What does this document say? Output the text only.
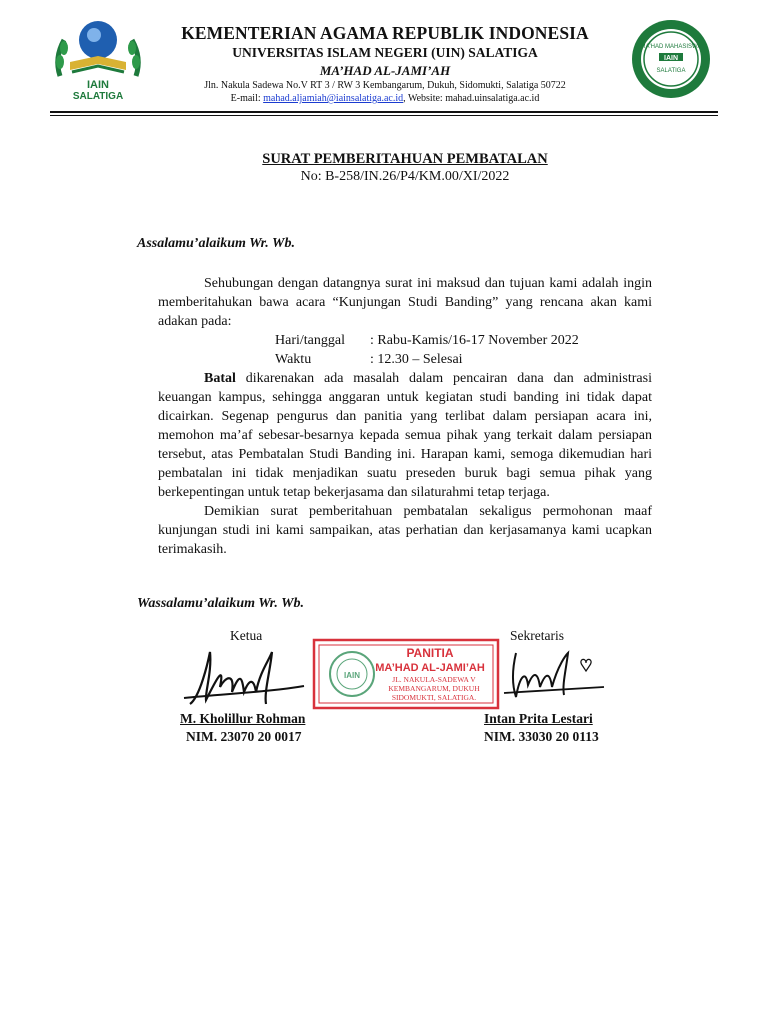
IAIN
SALATIGA
MA'HAD MAHASISWA
IAIN
SALATIGA
KEMENTERIAN AGAMA REPUBLIK INDONESIA
UNIVERSITAS ISLAM NEGERI (UIN) SALATIGA
MA’HAD AL-JAMI’AH
Jln. Nakula Sadewa No.V RT 3 / RW 3 Kembangarum, Dukuh, Sidomukti, Salatiga 50722
E-mail: mahad.aljamiah@iainsalatiga.ac.id, Website: mahad.uinsalatiga.ac.id
SURAT PEMBERITAHUAN PEMBATALAN
No: B-258/IN.26/P4/KM.00/XI/2022
Assalamu’alaikum Wr. Wb.

Sehubungan dengan datangnya surat ini maksud dan tujuan kami adalah ingin memberitahukan bawa acara “Kunjungan Studi Banding” yang rencana akan kami adakan pada:

Hari/tanggal	: Rabu-Kamis/16-17 November 2022
Waktu	: 12.30 – Selesai

Batal dikarenakan ada masalah dalam pencairan dana dan administrasi keuangan kampus, sehingga anggaran untuk kegiatan studi banding ini tidak dapat dicairkan. Segenap pengurus dan panitia yang terlibat dalam persiapan acara ini, memohon ma’af sebesar-besarnya kepada semua pihak yang terkait dalam persiapan tersebut, atas Pembatalan Studi Banding ini. Harapan kami, semoga dikemudian hari pembatalan ini tidak menjadikan suatu preseden buruk bagi semua pihak yang berkepentingan untuk tetap bekerjasama dan silaturahmi tetap terjaga.

Demikian surat pemberitahuan pembatalan sekaligus permohonan maaf kunjungan studi ini kami sampaikan, atas perhatian dan kerjasamanya kami ucapkan terimakasih.

Wassalamu’alaikum Wr. Wb.
Ketua	Sekretaris
IAIN
PANITIA
MA’HAD AL-JAMI’AH
JL. NAKULA-SADEWA V
KEMBANGARUM, DUKUH
SIDOMUKTI, SALATIGA.
M. Kholillur Rohman
NIM. 23070 20 0017
Intan Prita Lestari
NIM. 33030 20 0113
